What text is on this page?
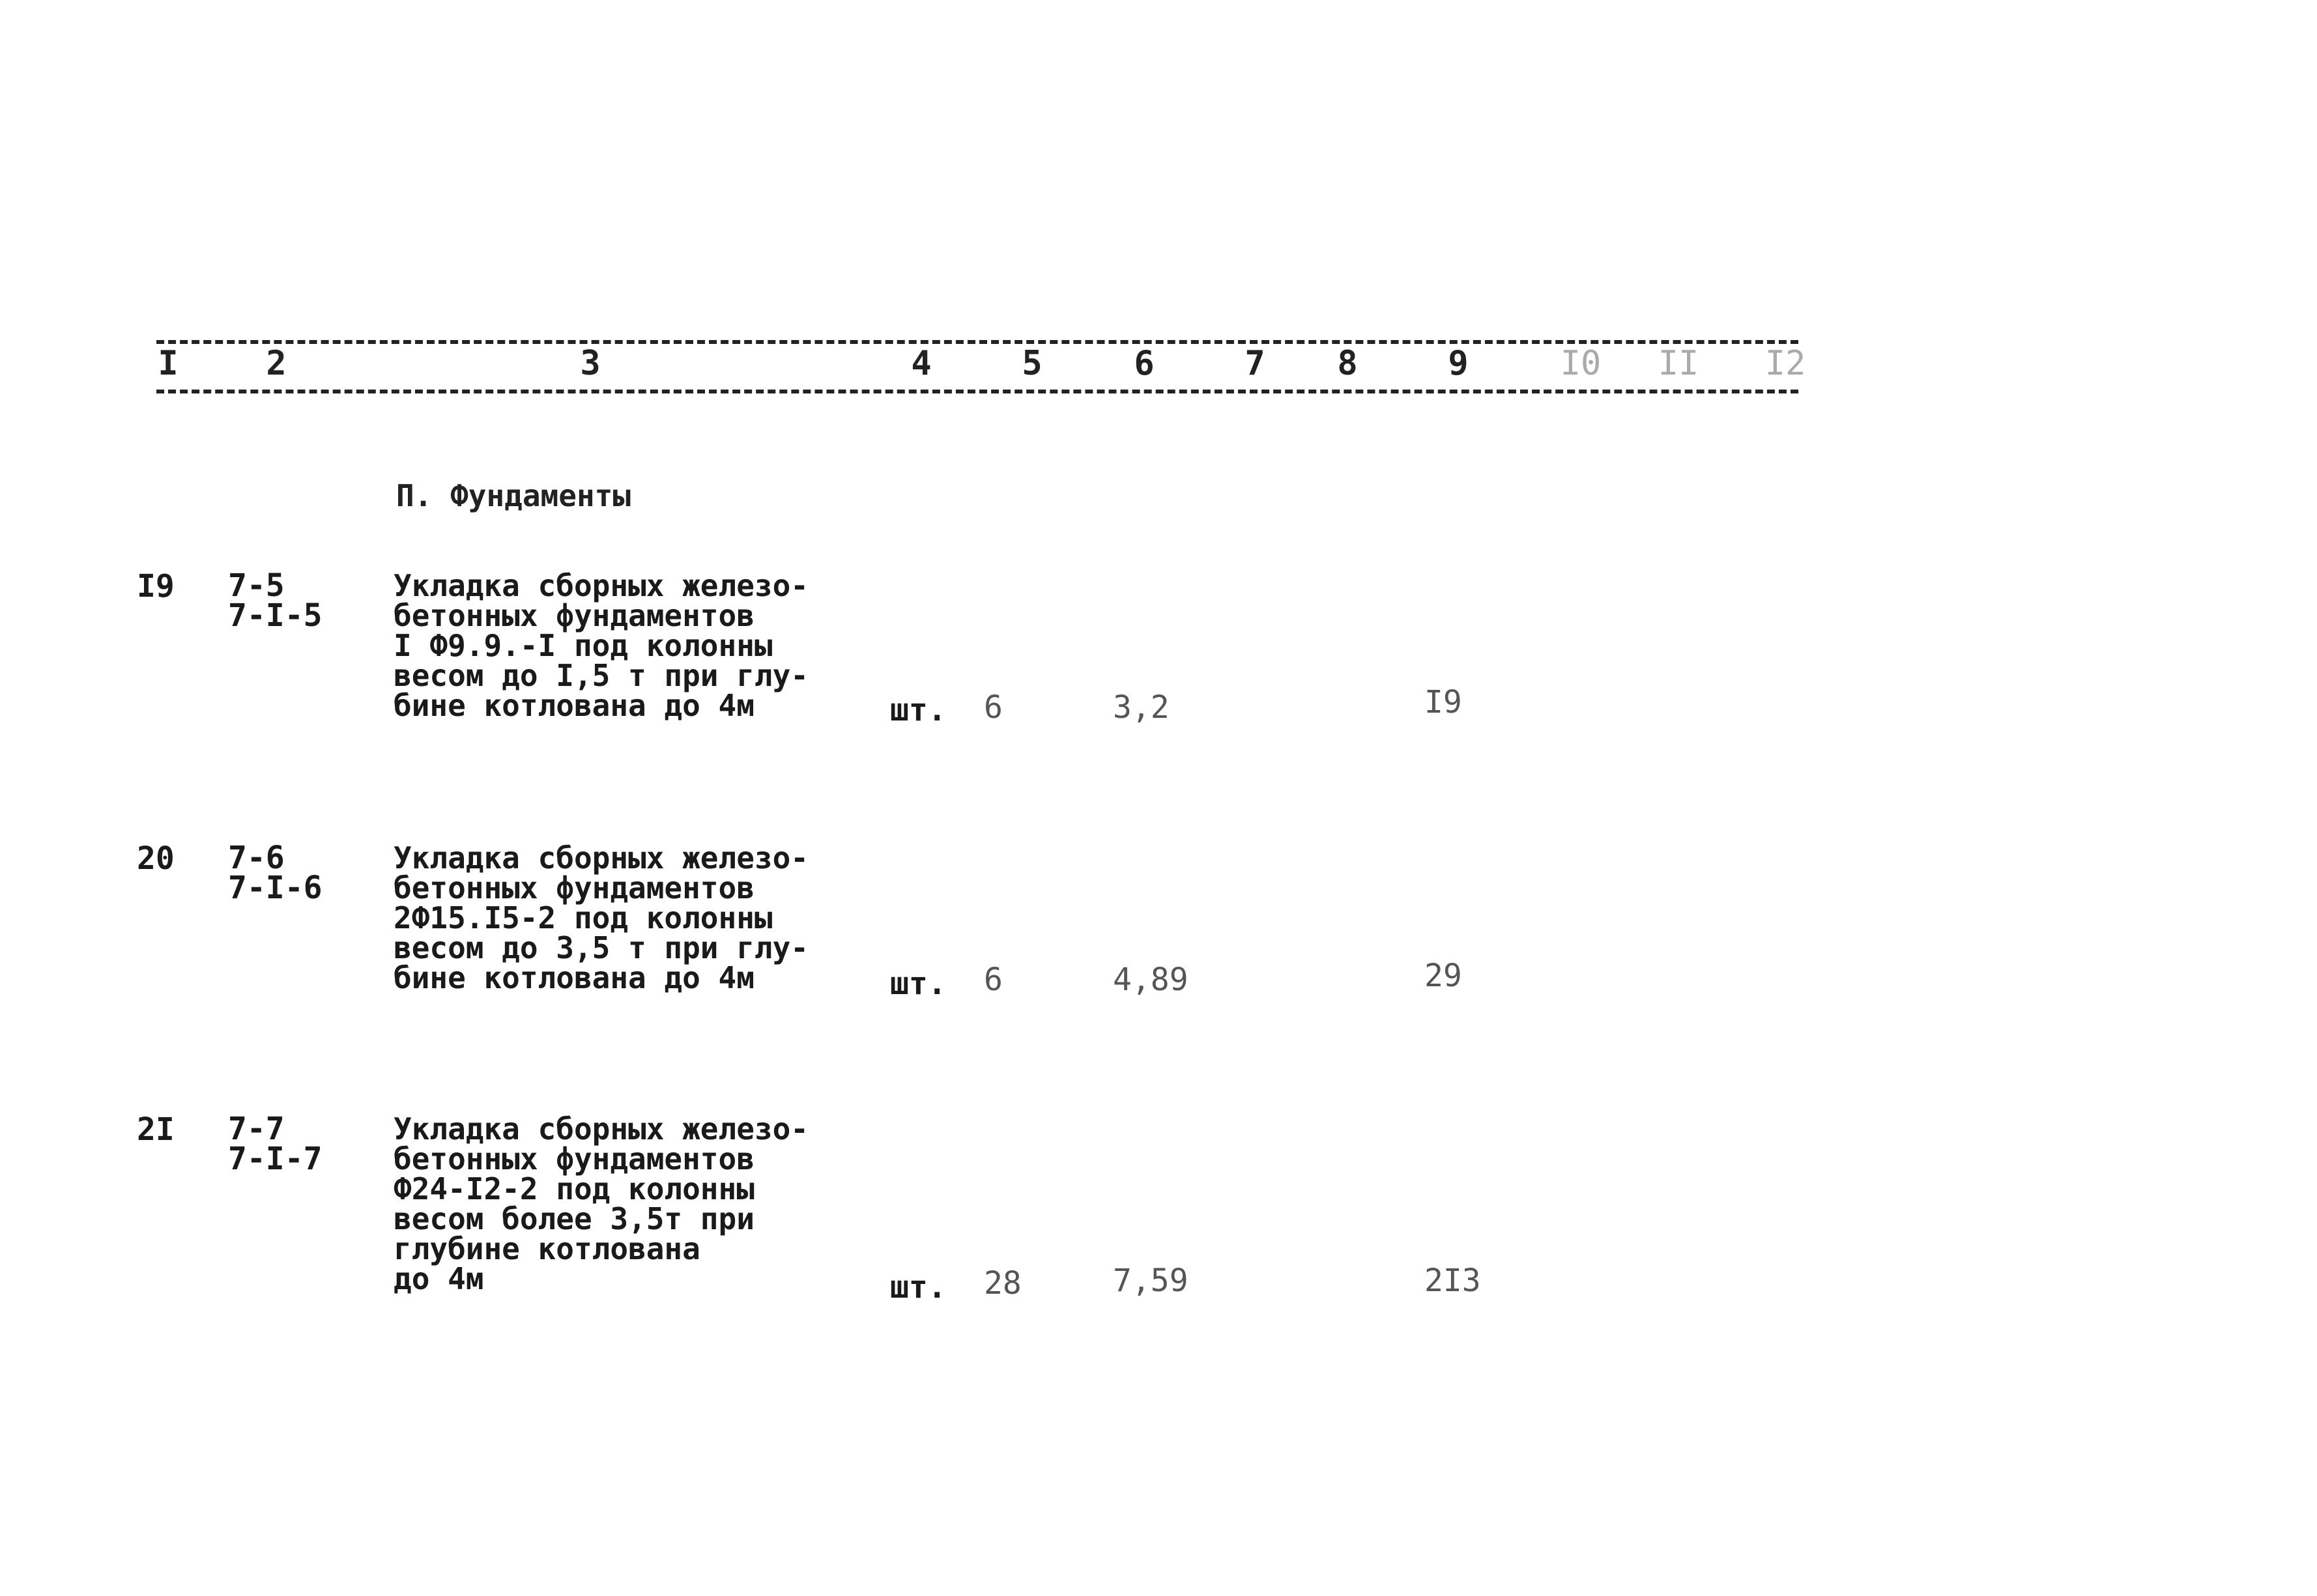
I	2	3	4	5	6	7 8	9	I0 II I2
П. Фундаменты
I9 7-5
7-I-5
Укладка сборных железо-
бетонных фундаментов
I Ф9.9.-I под колонны
весом до I,5 т при глу-
бине котлована до 4м	шт. 6	3,2	I9
20 7-6
7-I-6
Укладка сборных железо-
бетонных фундаментов
2Ф15.I5-2 под колонны
весом до 3,5 т при глу-
бине котлована до 4м	шт. 6	4,89	29
2I 7-7
7-I-7
Укладка сборных железо-
бетонных фундаментов
Ф24-I2-2 под колонны
весом более 3,5т при
глубине котлована
до 4м	шт. 28	7,59	2I3
